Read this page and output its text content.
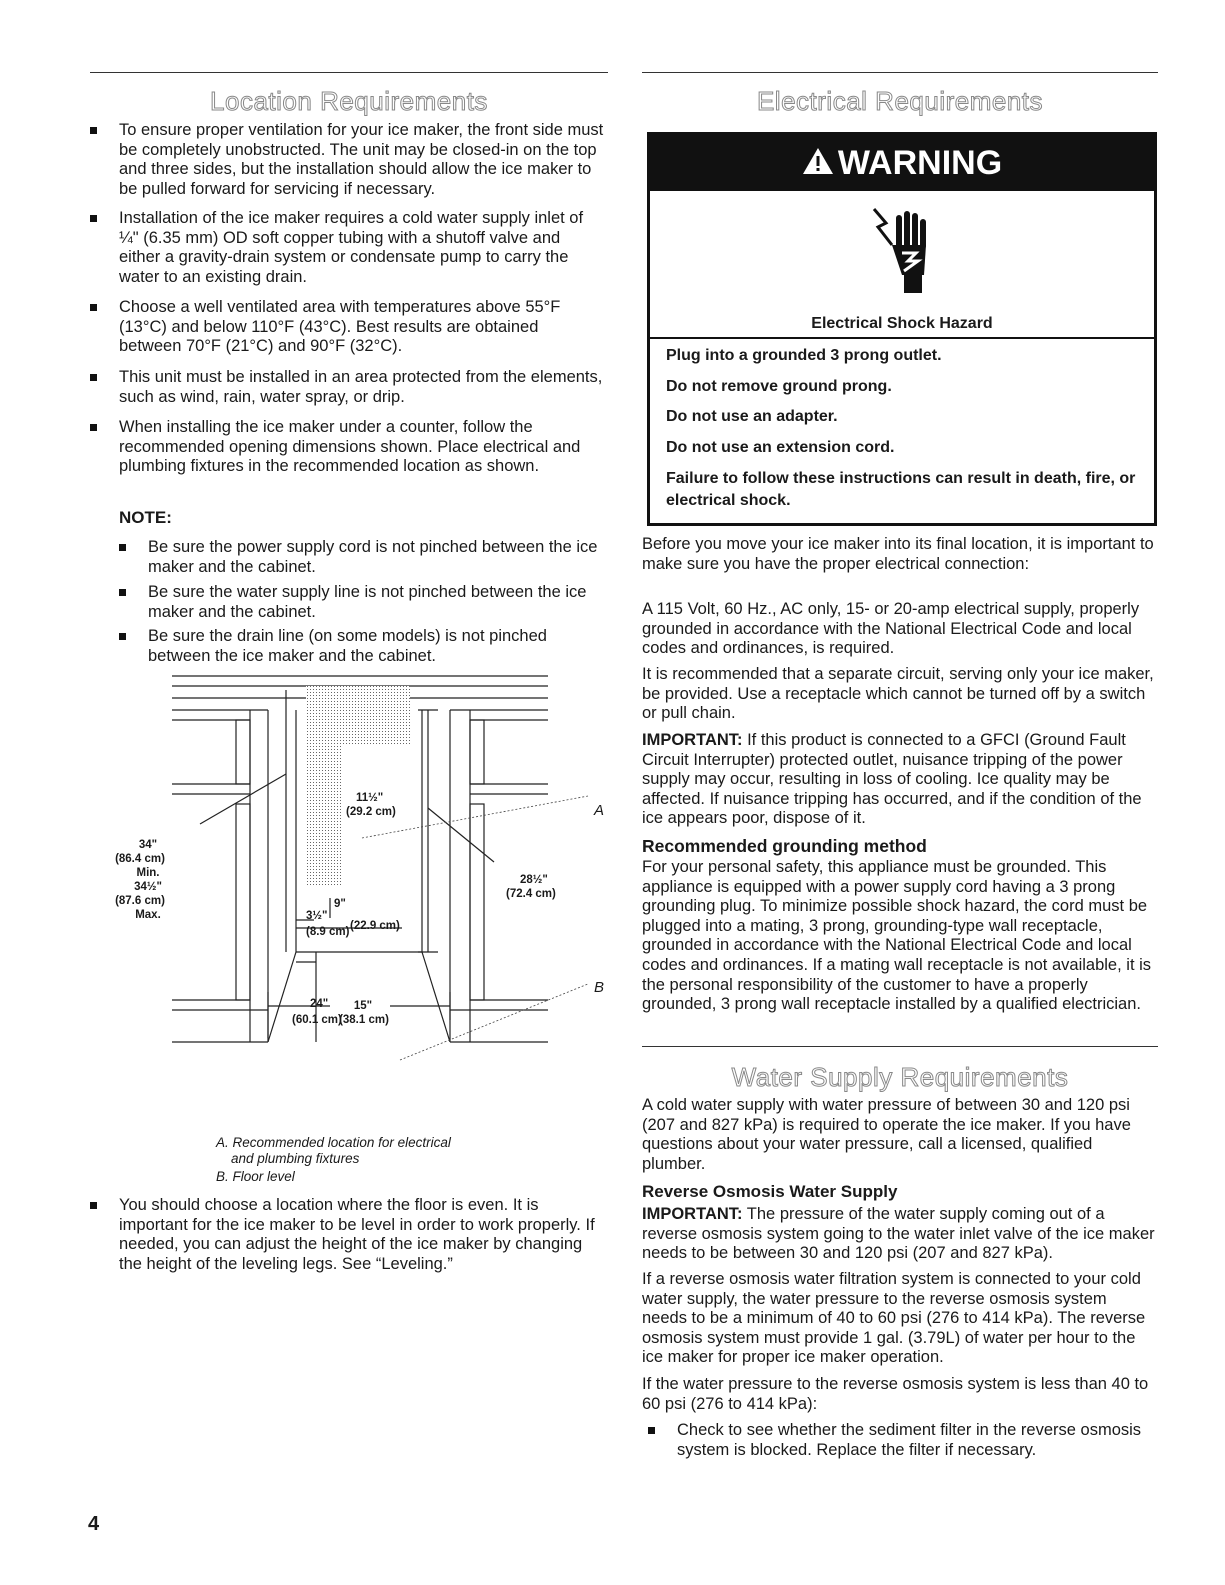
Location Requirements
To ensure proper ventilation for your ice maker, the front side must be completely unobstructed. The unit may be closed-in on the top and three sides, but the installation should allow the ice maker to be pulled forward for servicing if necessary.
Installation of the ice maker requires a cold water supply inlet of ¼" (6.35 mm) OD soft copper tubing with a shutoff valve and either a gravity-drain system or condensate pump to carry the water to an existing drain.
Choose a well ventilated area with temperatures above 55°F (13°C) and below 110°F (43°C). Best results are obtained between 70°F (21°C) and 90°F (32°C).
This unit must be installed in an area protected from the elements, such as wind, rain, water spray, or drip.
When installing the ice maker under a counter, follow the recommended opening dimensions shown. Place electrical and plumbing fixtures in the recommended location as shown.
NOTE:
Be sure the power supply cord is not pinched between the ice maker and the cabinet.
Be sure the water supply line is not pinched between the ice maker and the cabinet.
Be sure the drain line (on some models) is not pinched between the ice maker and the cabinet.
34"
(86.4 cm)
Min.
34½"
(87.6 cm)
Max.
11½"
(29.2 cm)
28½"
(72.4 cm)
3½"
(8.9 cm)
9"
(22.9 cm)
24"
(60.1 cm)
15"
(38.1 cm)
A
B
A. Recommended location for electrical
and plumbing fixtures
B. Floor level
You should choose a location where the floor is even. It is important for the ice maker to be level in order to work properly. If needed, you can adjust the height of the ice maker by changing the height of the leveling legs. See “Leveling.”
4
Electrical Requirements
WARNING
Electrical Shock Hazard
Plug into a grounded 3 prong outlet.
Do not remove ground prong.
Do not use an adapter.
Do not use an extension cord.
Failure to follow these instructions can result in death, fire, or electrical shock.
Before you move your ice maker into its final location, it is important to make sure you have the proper electrical connection:
A 115 Volt, 60 Hz., AC only, 15- or 20-amp electrical supply, properly grounded in accordance with the National Electrical Code and local codes and ordinances, is required.
It is recommended that a separate circuit, serving only your ice maker, be provided. Use a receptacle which cannot be turned off by a switch or pull chain.
IMPORTANT: If this product is connected to a GFCI (Ground Fault Circuit Interrupter) protected outlet, nuisance tripping of the power supply may occur, resulting in loss of cooling. Ice quality may be affected. If nuisance tripping has occurred, and if the condition of the ice appears poor, dispose of it.
Recommended grounding method
For your personal safety, this appliance must be grounded. This appliance is equipped with a power supply cord having a 3 prong grounding plug. To minimize possible shock hazard, the cord must be plugged into a mating, 3 prong, grounding-type wall receptacle, grounded in accordance with the National Electrical Code and local codes and ordinances. If a mating wall receptacle is not available, it is the personal responsibility of the customer to have a properly grounded, 3 prong wall receptacle installed by a qualified electrician.
Water Supply Requirements
A cold water supply with water pressure of between 30 and 120 psi (207 and 827 kPa) is required to operate the ice maker. If you have questions about your water pressure, call a licensed, qualified plumber.
Reverse Osmosis Water Supply
IMPORTANT: The pressure of the water supply coming out of a reverse osmosis system going to the water inlet valve of the ice maker needs to be between 30 and 120 psi (207 and 827 kPa).
If a reverse osmosis water filtration system is connected to your cold water supply, the water pressure to the reverse osmosis system needs to be a minimum of 40 to 60 psi (276 to 414 kPa). The reverse osmosis system must provide 1 gal. (3.79L) of water per hour to the ice maker for proper ice maker operation.
If the water pressure to the reverse osmosis system is less than 40 to 60 psi (276 to 414 kPa):
Check to see whether the sediment filter in the reverse osmosis system is blocked. Replace the filter if necessary.
